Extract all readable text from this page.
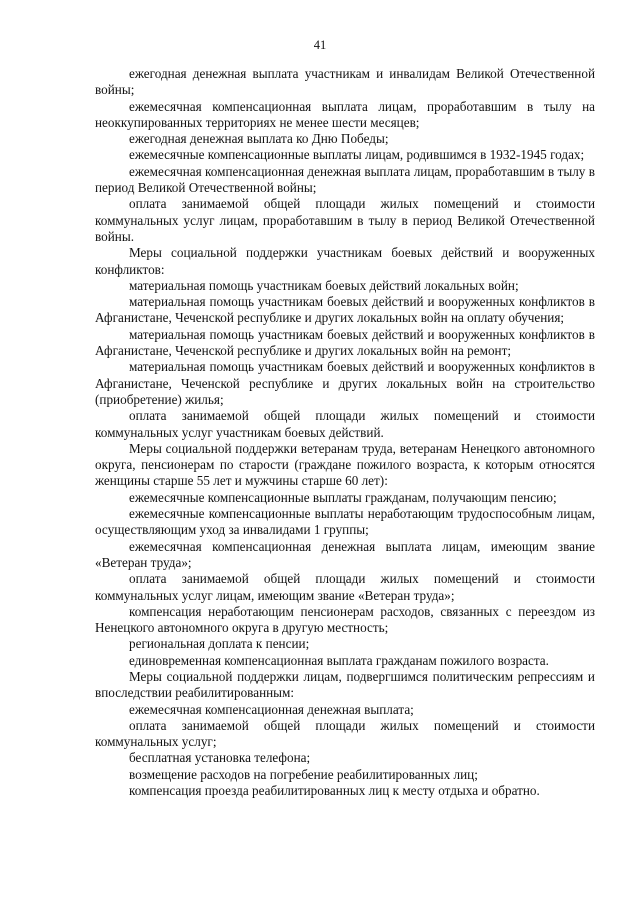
41

ежегодная денежная выплата участникам и инвалидам Великой Отечественной войны;

ежемесячная компенсационная выплата лицам, проработавшим в тылу на неоккупированных территориях не менее шести месяцев;

ежегодная денежная выплата ко Дню Победы;

ежемесячные компенсационные выплаты лицам, родившимся в 1932-1945 годах;

ежемесячная компенсационная денежная выплата лицам, проработавшим в тылу в период Великой Отечественной войны;

оплата занимаемой общей площади жилых помещений и стоимости коммунальных услуг лицам, проработавшим в тылу в период Великой Отечественной войны.

Меры социальной поддержки участникам боевых действий и вооруженных конфликтов:

материальная помощь участникам боевых действий локальных войн;

материальная помощь участникам боевых действий и вооруженных конфликтов в Афганистане, Чеченской республике и других локальных войн на оплату обучения;

материальная помощь участникам боевых действий и вооруженных конфликтов в Афганистане, Чеченской республике и других локальных войн на ремонт;

материальная помощь участникам боевых действий и вооруженных конфликтов в Афганистане, Чеченской республике и других локальных войн на строительство (приобретение) жилья;

оплата занимаемой общей площади жилых помещений и стоимости коммунальных услуг участникам боевых действий.

Меры социальной поддержки ветеранам труда, ветеранам Ненецкого автономного округа, пенсионерам по старости (граждане пожилого возраста, к которым относятся женщины старше 55 лет и мужчины старше 60 лет):

ежемесячные компенсационные выплаты гражданам, получающим пенсию;

ежемесячные компенсационные выплаты неработающим трудоспособным лицам, осуществляющим уход за инвалидами 1 группы;

ежемесячная компенсационная денежная выплата лицам, имеющим звание «Ветеран труда»;

оплата занимаемой общей площади жилых помещений и стоимости коммунальных услуг лицам, имеющим звание «Ветеран труда»;

компенсация неработающим пенсионерам расходов, связанных с переездом из Ненецкого автономного округа в другую местность;

региональная доплата к пенсии;

единовременная компенсационная выплата гражданам пожилого возраста.

Меры социальной поддержки лицам, подвергшимся политическим репрессиям и впоследствии реабилитированным:

ежемесячная компенсационная денежная выплата;

оплата занимаемой общей площади жилых помещений и стоимости коммунальных услуг;

бесплатная установка телефона;

возмещение расходов на погребение реабилитированных лиц;

компенсация проезда реабилитированных лиц к месту отдыха и обратно.
